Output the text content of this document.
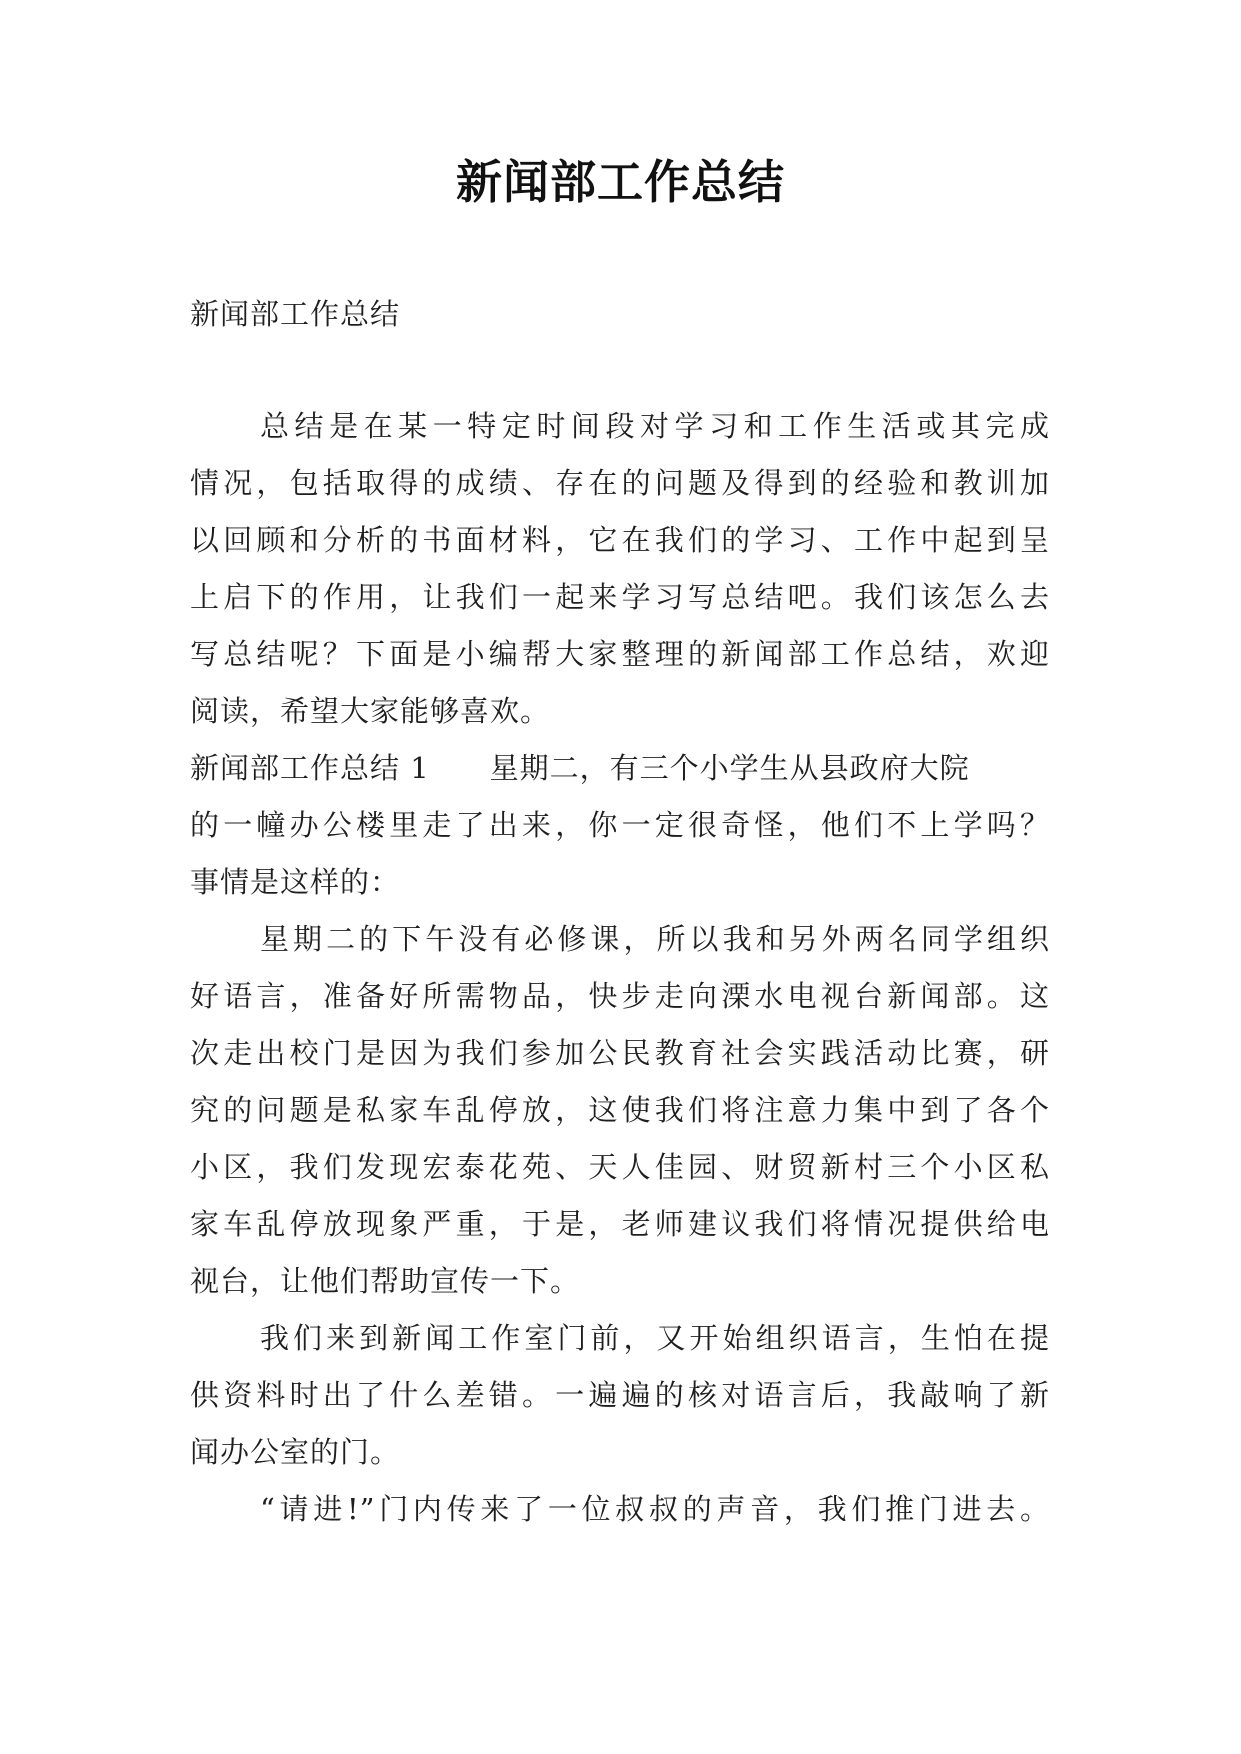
新闻部工作总结
新闻部工作总结
总结是在某一特定时间段对学习和工作生活或其完成
情况，包括取得的成绩、存在的问题及得到的经验和教训加
以回顾和分析的书面材料，它在我们的学习、工作中起到呈
上启下的作用，让我们一起来学习写总结吧。我们该怎么去
写总结呢？下面是小编帮大家整理的新闻部工作总结，欢迎
阅读，希望大家能够喜欢。
新闻部工作总结 1 星期二，有三个小学生从县政府大院
的一幢办公楼里走了出来，你一定很奇怪，他们不上学吗？
事情是这样的：
星期二的下午没有必修课，所以我和另外两名同学组织
好语言，准备好所需物品，快步走向溧水电视台新闻部。这
次走出校门是因为我们参加公民教育社会实践活动比赛，研
究的问题是私家车乱停放，这使我们将注意力集中到了各个
小区，我们发现宏泰花苑、天人佳园、财贸新村三个小区私
家车乱停放现象严重，于是，老师建议我们将情况提供给电
视台，让他们帮助宣传一下。
我们来到新闻工作室门前，又开始组织语言，生怕在提
供资料时出了什么差错。一遍遍的核对语言后，我敲响了新
闻办公室的门。
“请进!”门内传来了一位叔叔的声音，我们推门进去。
